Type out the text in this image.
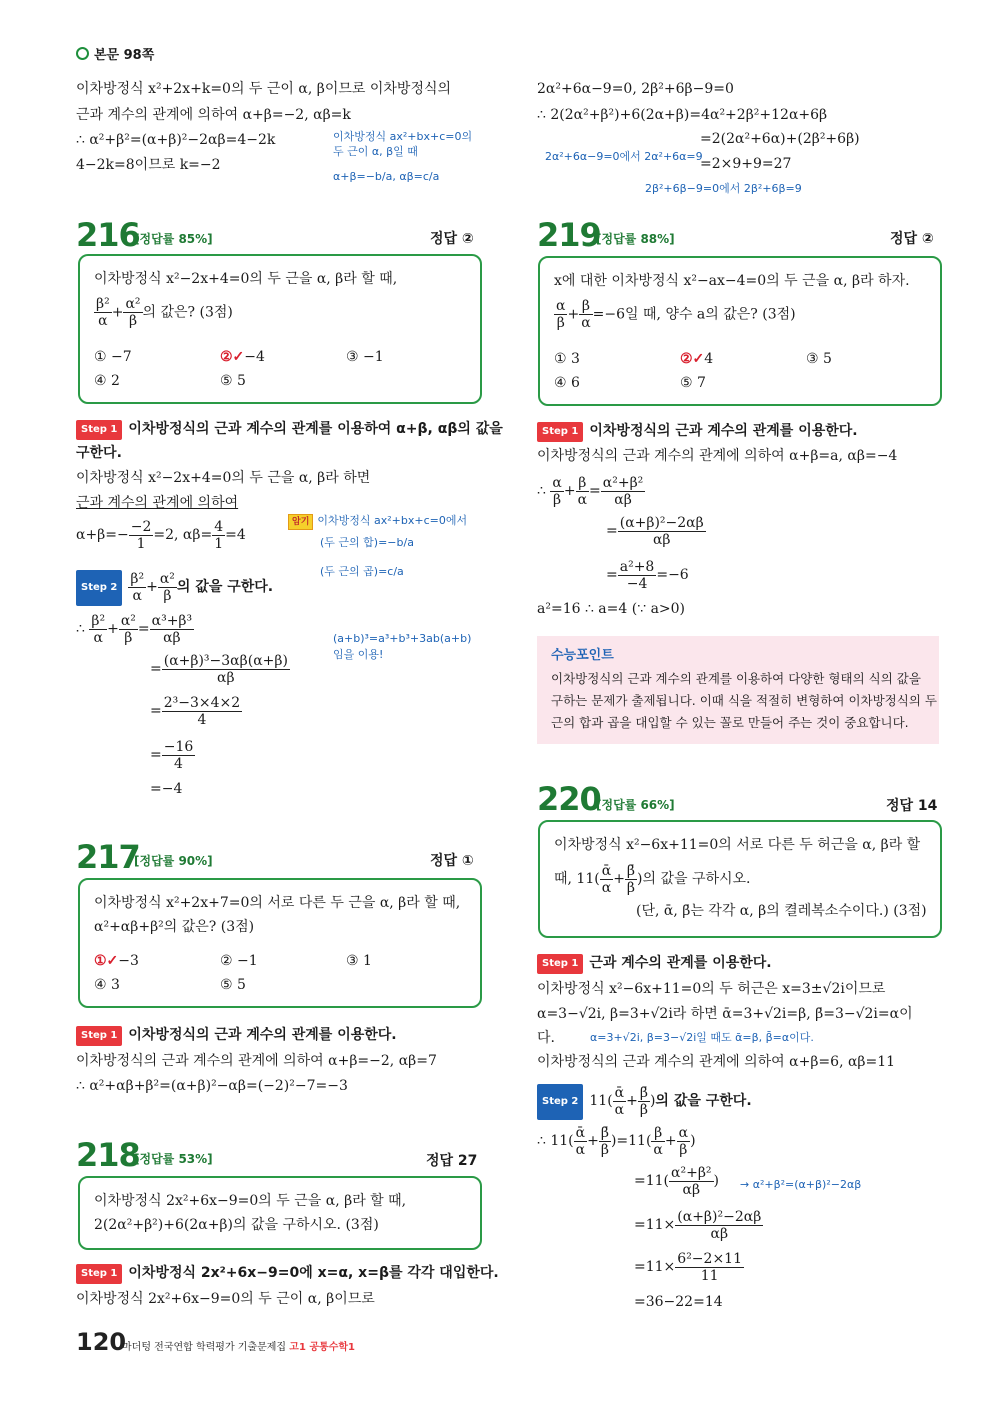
본문 98쪽
이차방정식 x²+2x+k=0의 두 근이 α, β이므로 이차방정식의
근과 계수의 관계에 의하여 α+β=−2, αβ=k
∴ α²+β²=(α+β)²−2αβ=4−2k
4−2k=8이므로 k=−2
이차방정식 ax²+bx+c=0의
두 근이 α, β일 때
α+β=−b/a, αβ=c/a
216
[정답률 85%]	정답 ②
이차방정식 x²−2x+4=0의 두 근을 α, β라 할 때,
$\frac{\text{β²}}{\alpha} + \frac{\text{α²}}{\beta}$ 의 값은? (3점)
① −7	②✓−4	③ −1
④ 2	⑤ 5
Step 1 이차방정식의 근과 계수의 관계를 이용하여 α+β, αβ의 값을
구한다.
이차방정식 x²−2x+4=0의 두 근을 α, β라 하면
근과 계수의 관계에 의하여
$\alpha+\beta=- \frac{-2}{1} =2$, $\alpha\beta= \frac{4}{1} =4$
암기 이차방정식 ax²+bx+c=0에서
(두 근의 합)=−b/a
(두 근의 곱)=c/a
Step $2 \frac{\text{β²}}{\alpha} + \frac{\text{α²}}{\beta}$ 의 값을 구한다.
∴ $\frac{\text{β²}}{\alpha} + \frac{\text{α²}}{\beta} = \frac{\text{α³+β³}}{\alpha\beta}$
= $\frac{\text{(α+β)³−3αβ(α+β)}}{\alpha\beta}$
= $\frac{\text{2³−3×4×2}}{4}$
= $\frac{-16}{4}$
=−4
(a+b)³=a³+b³+3ab(a+b)
임을 이용!
217
[정답률 90%]	정답 ①
이차방정식 x²+2x+7=0의 서로 다른 두 근을 α, β라 할 때,
α²+αβ+β²의 값은? (3점)
①✓−3	② −1	③ 1
④ 3	⑤ 5
Step 1 이차방정식의 근과 계수의 관계를 이용한다.
이차방정식의 근과 계수의 관계에 의하여 α+β=−2, αβ=7
∴ α²+αβ+β²=(α+β)²−αβ=(−2)²−7=−3
218
[정답률 53%]	정답 27
이차방정식 2x²+6x−9=0의 두 근을 α, β라 할 때,
2(2α²+β²)+6(2α+β)의 값을 구하시오. (3점)
Step 1 이차방정식 2x²+6x−9=0에 x=α, x=β를 각각 대입한다.
이차방정식 2x²+6x−9=0의 두 근이 α, β이므로
120
마더텅 전국연합 학력평가 기출문제집 고1 공통수학1
2α²+6α−9=0, 2β²+6β−9=0
∴ 2(2α²+β²)+6(2α+β)=4α²+2β²+12α+6β
=2(2α²+6α)+(2β²+6β)
=2×9+9=27
2α²+6α−9=0에서 2α²+6α=9
2β²+6β−9=0에서 2β²+6β=9
219
[정답률 88%]	정답 ②
x에 대한 이차방정식 x²−ax−4=0의 두 근을 α, β라 하자.
$\frac{\alpha}{\beta} + \frac{\beta}{\alpha} =-6$일 때, 양수 a의 값은? (3점)
① 3	②✓4	③ 5
④ 6	⑤ 7
Step 1 이차방정식의 근과 계수의 관계를 이용한다.
이차방정식의 근과 계수의 관계에 의하여 α+β=a, αβ=−4
∴ $\frac{\alpha}{\beta} + \frac{\beta}{\alpha} = \frac{\text{α²+β²}}{\alpha\beta}$
= $\frac{\text{(α+β)²−2αβ}}{\alpha\beta}$
= $\frac{\text{a²+8}}{-4} =-6$
a²=16 ∴ a=4 (∵ a>0)
수능포인트
이차방정식의 근과 계수의 관계를 이용하여 다양한 형태의 식의 값을
구하는 문제가 출제됩니다. 이때 식을 적절히 변형하여 이차방정식의 두
근의 합과 곱을 대입할 수 있는 꼴로 만들어 주는 것이 중요합니다.
220
[정답률 66%]	정답 14
이차방정식 x²−6x+11=0의 서로 다른 두 허근을 α, β라 할
때, $11( \frac{\text{ᾱ}}{\alpha} + \frac{\betā}{\beta}$ )의 값을 구하시오.
(단, ᾱ, β̄는 각각 α, β의 켤레복소수이다.) (3점)
Step 1 근과 계수의 관계를 이용한다.
이차방정식 x²−6x+11=0의 두 허근은 x=3±√2i이므로
α=3−√2i, β=3+√2i라 하면 ᾱ=3+√2i=β, β̄=3−√2i=α이
다.	α=3+√2i, β=3−√2i일 때도 ᾱ=β, β̄=α이다.
이차방정식의 근과 계수의 관계에 의하여 α+β=6, αβ=11
Step 2 $11( \frac{\text{ᾱ}}{\alpha} + \frac{\betā}{\beta}$ )의 값을 구한다.
∴ $11( \frac{\text{ᾱ}}{\alpha} + \frac{\betā}{\beta} )=11( \frac{\beta}{\alpha} + \frac{\alpha}{\beta}$ )
$=11( \frac{\text{α²+β²}}{\alpha\beta}$ ) → α²+β²=(α+β)²−2αβ
$=11\times \frac{\text{(α+β)²−2αβ}}{\alpha\beta}$
$=11\times \frac{\text{6²−2×11}}{11}$
=36−22=14
